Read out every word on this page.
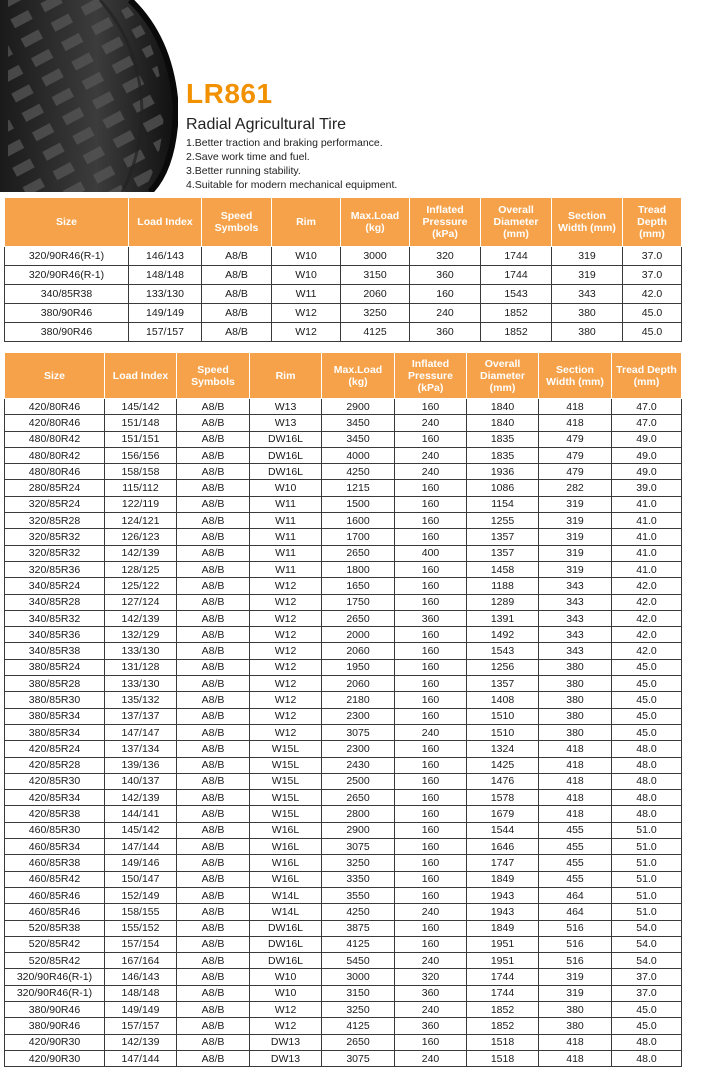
LR861

Radial Agricultural Tire

1.Better traction and braking performance.
2.Save work time and fuel.
3.Better running stability.
4.Suitable for modern mechanical equipment.
Size	Load Index	Speed Symbols	Rim	Max.Load (kg)	Inflated Pressure (kPa)	Overall Diameter (mm)	Section Width (mm)	Tread Depth (mm)
320/90R46(R-1)	146/143	A8/B	W10	3000	320	1744	319	37.0
320/90R46(R-1)	148/148	A8/B	W10	3150	360	1744	319	37.0
340/85R38	133/130	A8/B	W11	2060	160	1543	343	42.0
380/90R46	149/149	A8/B	W12	3250	240	1852	380	45.0
380/90R46	157/157	A8/B	W12	4125	360	1852	380	45.0
Size	Load Index	Speed Symbols	Rim	Max.Load (kg)	Inflated Pressure (kPa)	Overall Diameter (mm)	Section Width (mm)	Tread Depth (mm)
420/80R46	145/142	A8/B	W13	2900	160	1840	418	47.0
420/80R46	151/148	A8/B	W13	3450	240	1840	418	47.0
480/80R42	151/151	A8/B	DW16L	3450	160	1835	479	49.0
480/80R42	156/156	A8/B	DW16L	4000	240	1835	479	49.0
480/80R46	158/158	A8/B	DW16L	4250	240	1936	479	49.0
280/85R24	115/112	A8/B	W10	1215	160	1086	282	39.0
320/85R24	122/119	A8/B	W11	1500	160	1154	319	41.0
320/85R28	124/121	A8/B	W11	1600	160	1255	319	41.0
320/85R32	126/123	A8/B	W11	1700	160	1357	319	41.0
320/85R32	142/139	A8/B	W11	2650	400	1357	319	41.0
320/85R36	128/125	A8/B	W11	1800	160	1458	319	41.0
340/85R24	125/122	A8/B	W12	1650	160	1188	343	42.0
340/85R28	127/124	A8/B	W12	1750	160	1289	343	42.0
340/85R32	142/139	A8/B	W12	2650	360	1391	343	42.0
340/85R36	132/129	A8/B	W12	2000	160	1492	343	42.0
340/85R38	133/130	A8/B	W12	2060	160	1543	343	42.0
380/85R24	131/128	A8/B	W12	1950	160	1256	380	45.0
380/85R28	133/130	A8/B	W12	2060	160	1357	380	45.0
380/85R30	135/132	A8/B	W12	2180	160	1408	380	45.0
380/85R34	137/137	A8/B	W12	2300	160	1510	380	45.0
380/85R34	147/147	A8/B	W12	3075	240	1510	380	45.0
420/85R24	137/134	A8/B	W15L	2300	160	1324	418	48.0
420/85R28	139/136	A8/B	W15L	2430	160	1425	418	48.0
420/85R30	140/137	A8/B	W15L	2500	160	1476	418	48.0
420/85R34	142/139	A8/B	W15L	2650	160	1578	418	48.0
420/85R38	144/141	A8/B	W15L	2800	160	1679	418	48.0
460/85R30	145/142	A8/B	W16L	2900	160	1544	455	51.0
460/85R34	147/144	A8/B	W16L	3075	160	1646	455	51.0
460/85R38	149/146	A8/B	W16L	3250	160	1747	455	51.0
460/85R42	150/147	A8/B	W16L	3350	160	1849	455	51.0
460/85R46	152/149	A8/B	W14L	3550	160	1943	464	51.0
460/85R46	158/155	A8/B	W14L	4250	240	1943	464	51.0
520/85R38	155/152	A8/B	DW16L	3875	160	1849	516	54.0
520/85R42	157/154	A8/B	DW16L	4125	160	1951	516	54.0
520/85R42	167/164	A8/B	DW16L	5450	240	1951	516	54.0
320/90R46(R-1)	146/143	A8/B	W10	3000	320	1744	319	37.0
320/90R46(R-1)	148/148	A8/B	W10	3150	360	1744	319	37.0
380/90R46	149/149	A8/B	W12	3250	240	1852	380	45.0
380/90R46	157/157	A8/B	W12	4125	360	1852	380	45.0
420/90R30	142/139	A8/B	DW13	2650	160	1518	418	48.0
420/90R30	147/144	A8/B	DW13	3075	240	1518	418	48.0
